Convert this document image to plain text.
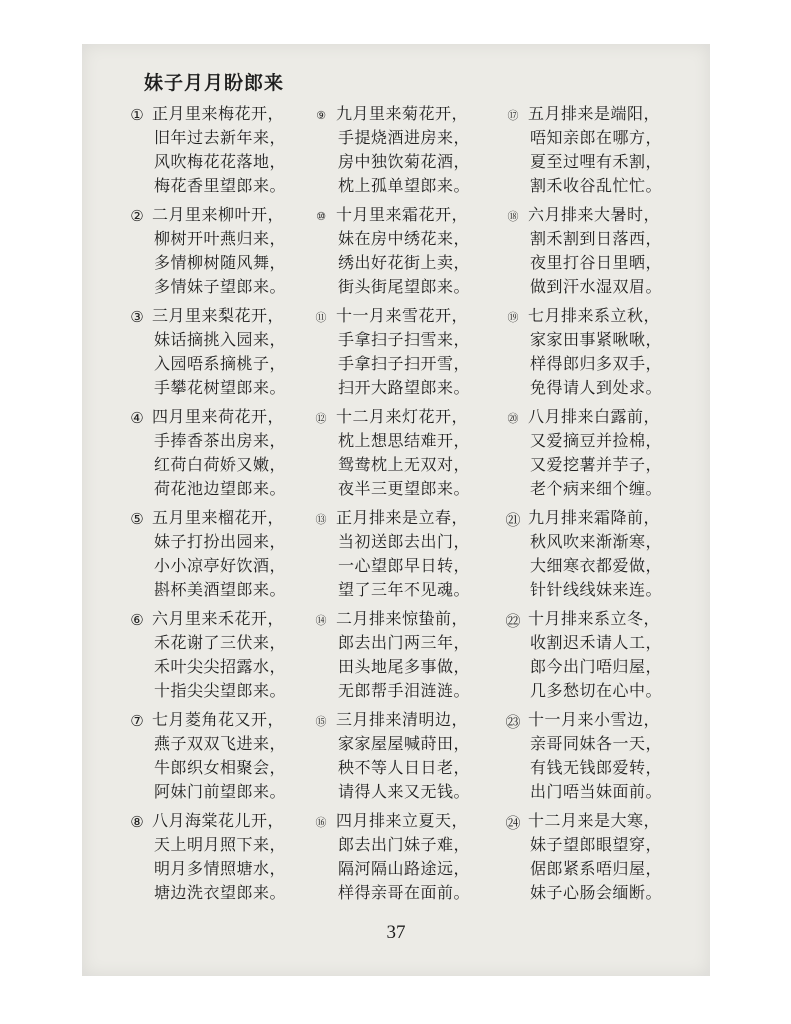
妹子月月盼郎来
① 正月里来梅花开，
旧年过去新年来，
风吹梅花花落地，
梅花香里望郎来。
② 二月里来柳叶开，
柳树开叶燕归来，
多情柳树随风舞，
多情妹子望郎来。
③ 三月里来梨花开，
妹话摘挑入园来，
入园唔系摘桃子，
手攀花树望郎来。
④ 四月里来荷花开，
手捧香茶出房来，
红荷白荷娇又嫩，
荷花池边望郎来。
⑤ 五月里来榴花开，
妹子打扮出园来，
小小凉亭好饮酒，
斟杯美酒望郎来。
⑥ 六月里来禾花开，
禾花谢了三伏来，
禾叶尖尖招露水，
十指尖尖望郎来。
⑦ 七月菱角花又开，
燕子双双飞进来，
牛郎织女相聚会，
阿妹门前望郎来。
⑧ 八月海棠花儿开，
天上明月照下来，
明月多情照塘水，
塘边洗衣望郎来。
⑨ 九月里来菊花开，
手提烧酒进房来，
房中独饮菊花酒，
枕上孤单望郎来。
⑩ 十月里来霜花开，
妹在房中绣花来，
绣出好花街上卖，
街头街尾望郎来。
⑪ 十一月来雪花开，
手拿扫子扫雪来，
手拿扫子扫开雪，
扫开大路望郎来。
⑫ 十二月来灯花开，
枕上想思结难开，
鸳鸯枕上无双对，
夜半三更望郎来。
⑬ 正月排来是立春，
当初送郎去出门，
一心望郎早日转，
望了三年不见魂。
⑭ 二月排来惊蛰前，
郎去出门两三年，
田头地尾多事做，
无郎帮手泪涟涟。
⑮ 三月排来清明边，
家家屋屋喊莳田，
秧不等人日日老，
请得人来又无钱。
⑯ 四月排来立夏天，
郎去出门妹子难，
隔河隔山路途远，
样得亲哥在面前。
⑰ 五月排来是端阳，
唔知亲郎在哪方，
夏至过哩有禾割，
割禾收谷乱忙忙。
⑱ 六月排来大暑时，
割禾割到日落西，
夜里打谷日里晒，
做到汗水湿双眉。
⑲ 七月排来系立秋，
家家田事紧啾啾，
样得郎归多双手，
免得请人到处求。
⑳ 八月排来白露前，
又爱摘豆并捡棉，
又爱挖薯并芋子，
老个病来细个缠。
㉑ 九月排来霜降前，
秋风吹来渐渐寒，
大细寒衣都爱做，
针针线线妹来连。
㉒ 十月排来系立冬，
收割迟禾请人工，
郎今出门唔归屋，
几多愁切在心中。
㉓ 十一月来小雪边，
亲哥同妹各一天，
有钱无钱郎爱转，
出门唔当妹面前。
㉔ 十二月来是大寒，
妹子望郎眼望穿，
倨郎紧系唔归屋，
妹子心肠会缅断。
37
